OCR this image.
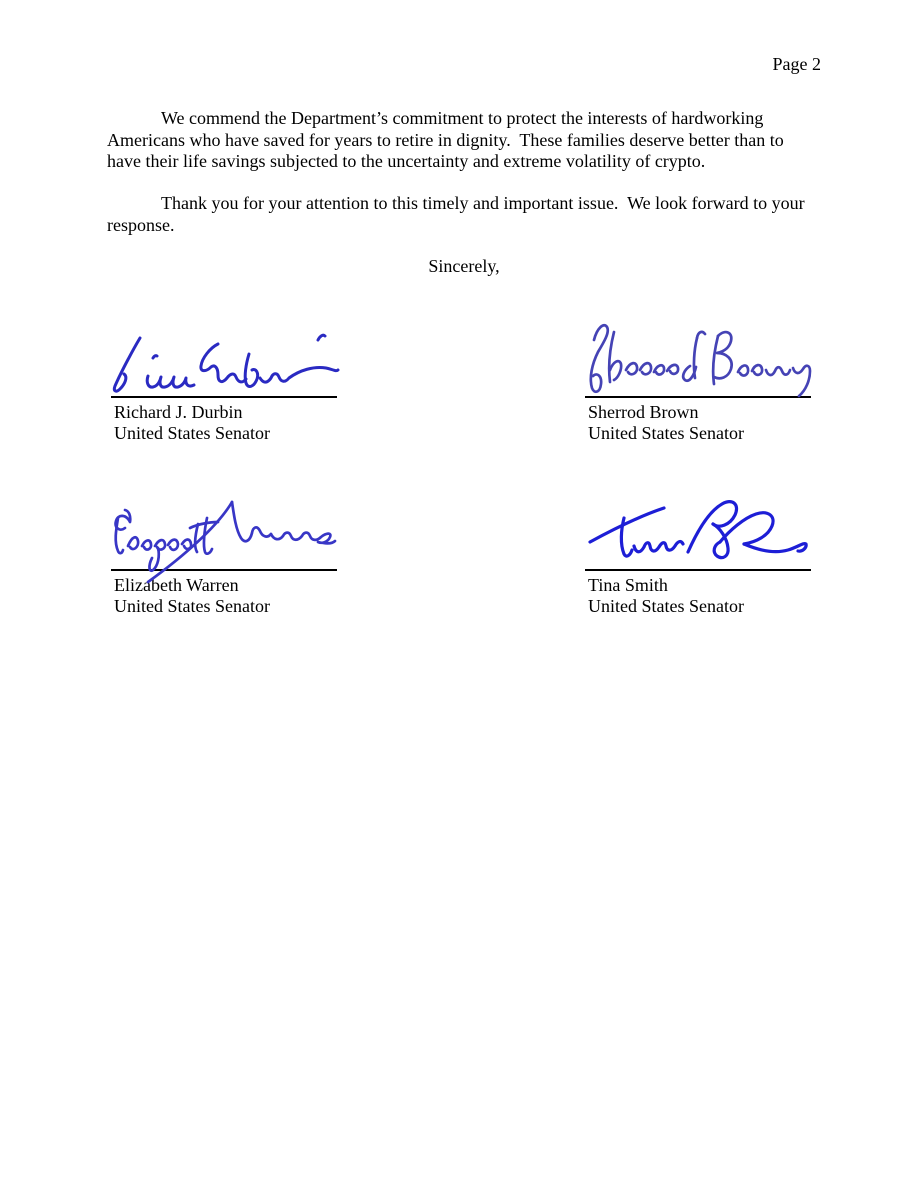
Page 2
We commend the Department’s commitment to protect the interests of hardworking
Americans who have saved for years to retire in dignity.  These families deserve better than to
have their life savings subjected to the uncertainty and extreme volatility of crypto.
Thank you for your attention to this timely and important issue.  We look forward to your
response.
Sincerely,
Richard J. Durbin
United States Senator
Sherrod Brown
United States Senator
Elizabeth Warren
United States Senator
Tina Smith
United States Senator
